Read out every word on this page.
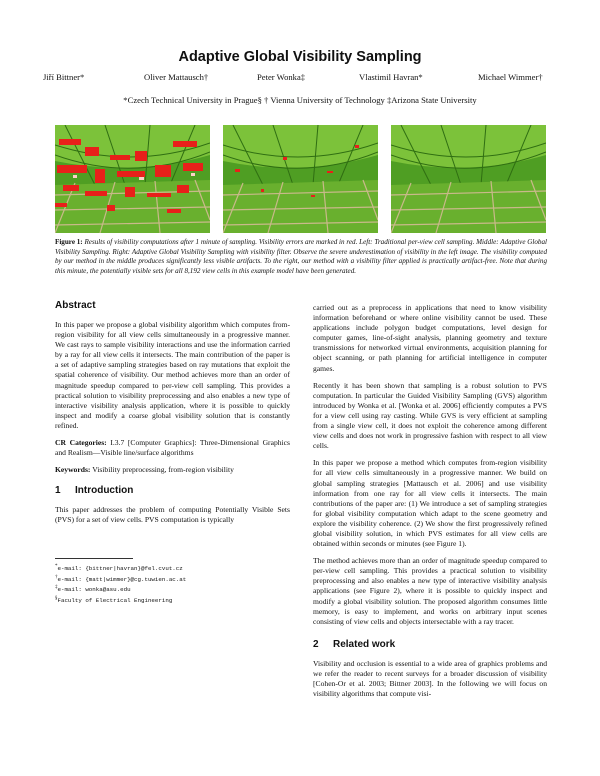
Adaptive Global Visibility Sampling
Jiří Bittner*	Oliver Mattausch†	Peter Wonka‡	Vlastimil Havran*	Michael Wimmer†
*Czech Technical University in Prague§ † Vienna University of Technology ‡Arizona State University
Figure 1: Results of visibility computations after 1 minute of sampling. Visibility errors are marked in red. Left: Traditional per-view cell sampling. Middle: Adaptive Global Visibility Sampling. Right: Adaptive Global Visibility Sampling with visibility filter. Observe the severe underestimation of visibility in the left image. The visibility computed by our method in the middle produces significantly less visible artifacts. To the right, our method with a visibility filter applied is practically artifact-free. Note that during this minute, the potentially visible sets for all 8,192 view cells in this example model have been generated.
Abstract

In this paper we propose a global visibility algorithm which computes from-region visibility for all view cells simultaneously in a progressive manner. We cast rays to sample visibility interactions and use the information carried by a ray for all view cells it intersects. The main contribution of the paper is a set of adaptive sampling strategies based on ray mutations that exploit the spatial coherence of visibility. Our method achieves more than an order of magnitude speedup compared to per-view cell sampling. This provides a practical solution to visibility preprocessing and also enables a new type of interactive visibility analysis application, where it is possible to quickly inspect and modify a coarse global visibility solution that is constantly refined.

CR Categories: I.3.7 [Computer Graphics]: Three-Dimensional Graphics and Realism—Visible line/surface algorithms

Keywords: Visibility preprocessing, from-region visibility

1 Introduction

This paper addresses the problem of computing Potentially Visible Sets (PVS) for a set of view cells. PVS computation is typically

*e-mail: {bittner|havran}@fel.cvut.cz
†e-mail: {matt|wimmer}@cg.tuwien.ac.at
‡e-mail: wonka@asu.edu
§Faculty of Electrical Engineering

carried out as a preprocess in applications that need to know visibility information beforehand or where online visibility cannot be used. These applications include polygon budget computations, level design for computer games, line-of-sight analysis, planning geometry and texture transmissions for networked virtual environments, acquisition planning for object scanning, or path planning for artificial intelligence in computer games.

Recently it has been shown that sampling is a robust solution to PVS computation. In particular the Guided Visibility Sampling (GVS) algorithm introduced by Wonka et al. [Wonka et al. 2006] efficiently computes a PVS for a view cell using ray casting. While GVS is very efficient at sampling from a single view cell, it does not exploit the coherence among different view cells and does not work in progressive fashion with respect to all view cells.

In this paper we propose a method which computes from-region visibility for all view cells simultaneously in a progressive manner. We build on global sampling strategies [Mattausch et al. 2006] and use visibility information from one ray for all view cells it intersects. The main contributions of the paper are: (1) We introduce a set of sampling strategies for global visibility computation which adapt to the scene geometry and explore the visibility coherence. (2) We show the first progressively refined global visibility solution, in which PVS estimates for all view cells are obtained within seconds or minutes (see Figure 1).

The method achieves more than an order of magnitude speedup compared to per-view cell sampling. This provides a practical solution to visibility preprocessing and also enables a new type of interactive visibility analysis applications (see Figure 2), where it is possible to quickly inspect and modify a global visibility solution. The proposed algorithm consumes little memory, is easy to implement, and works on arbitrary input scenes consisting of view cells and objects intersectable with a ray tracer.

2 Related work

Visibility and occlusion is essential to a wide area of graphics problems and we refer the reader to recent surveys for a broader discussion of visibility [Cohen-Or et al. 2003; Bittner 2003]. In the following we will focus on visibility algorithms that compute visi-
